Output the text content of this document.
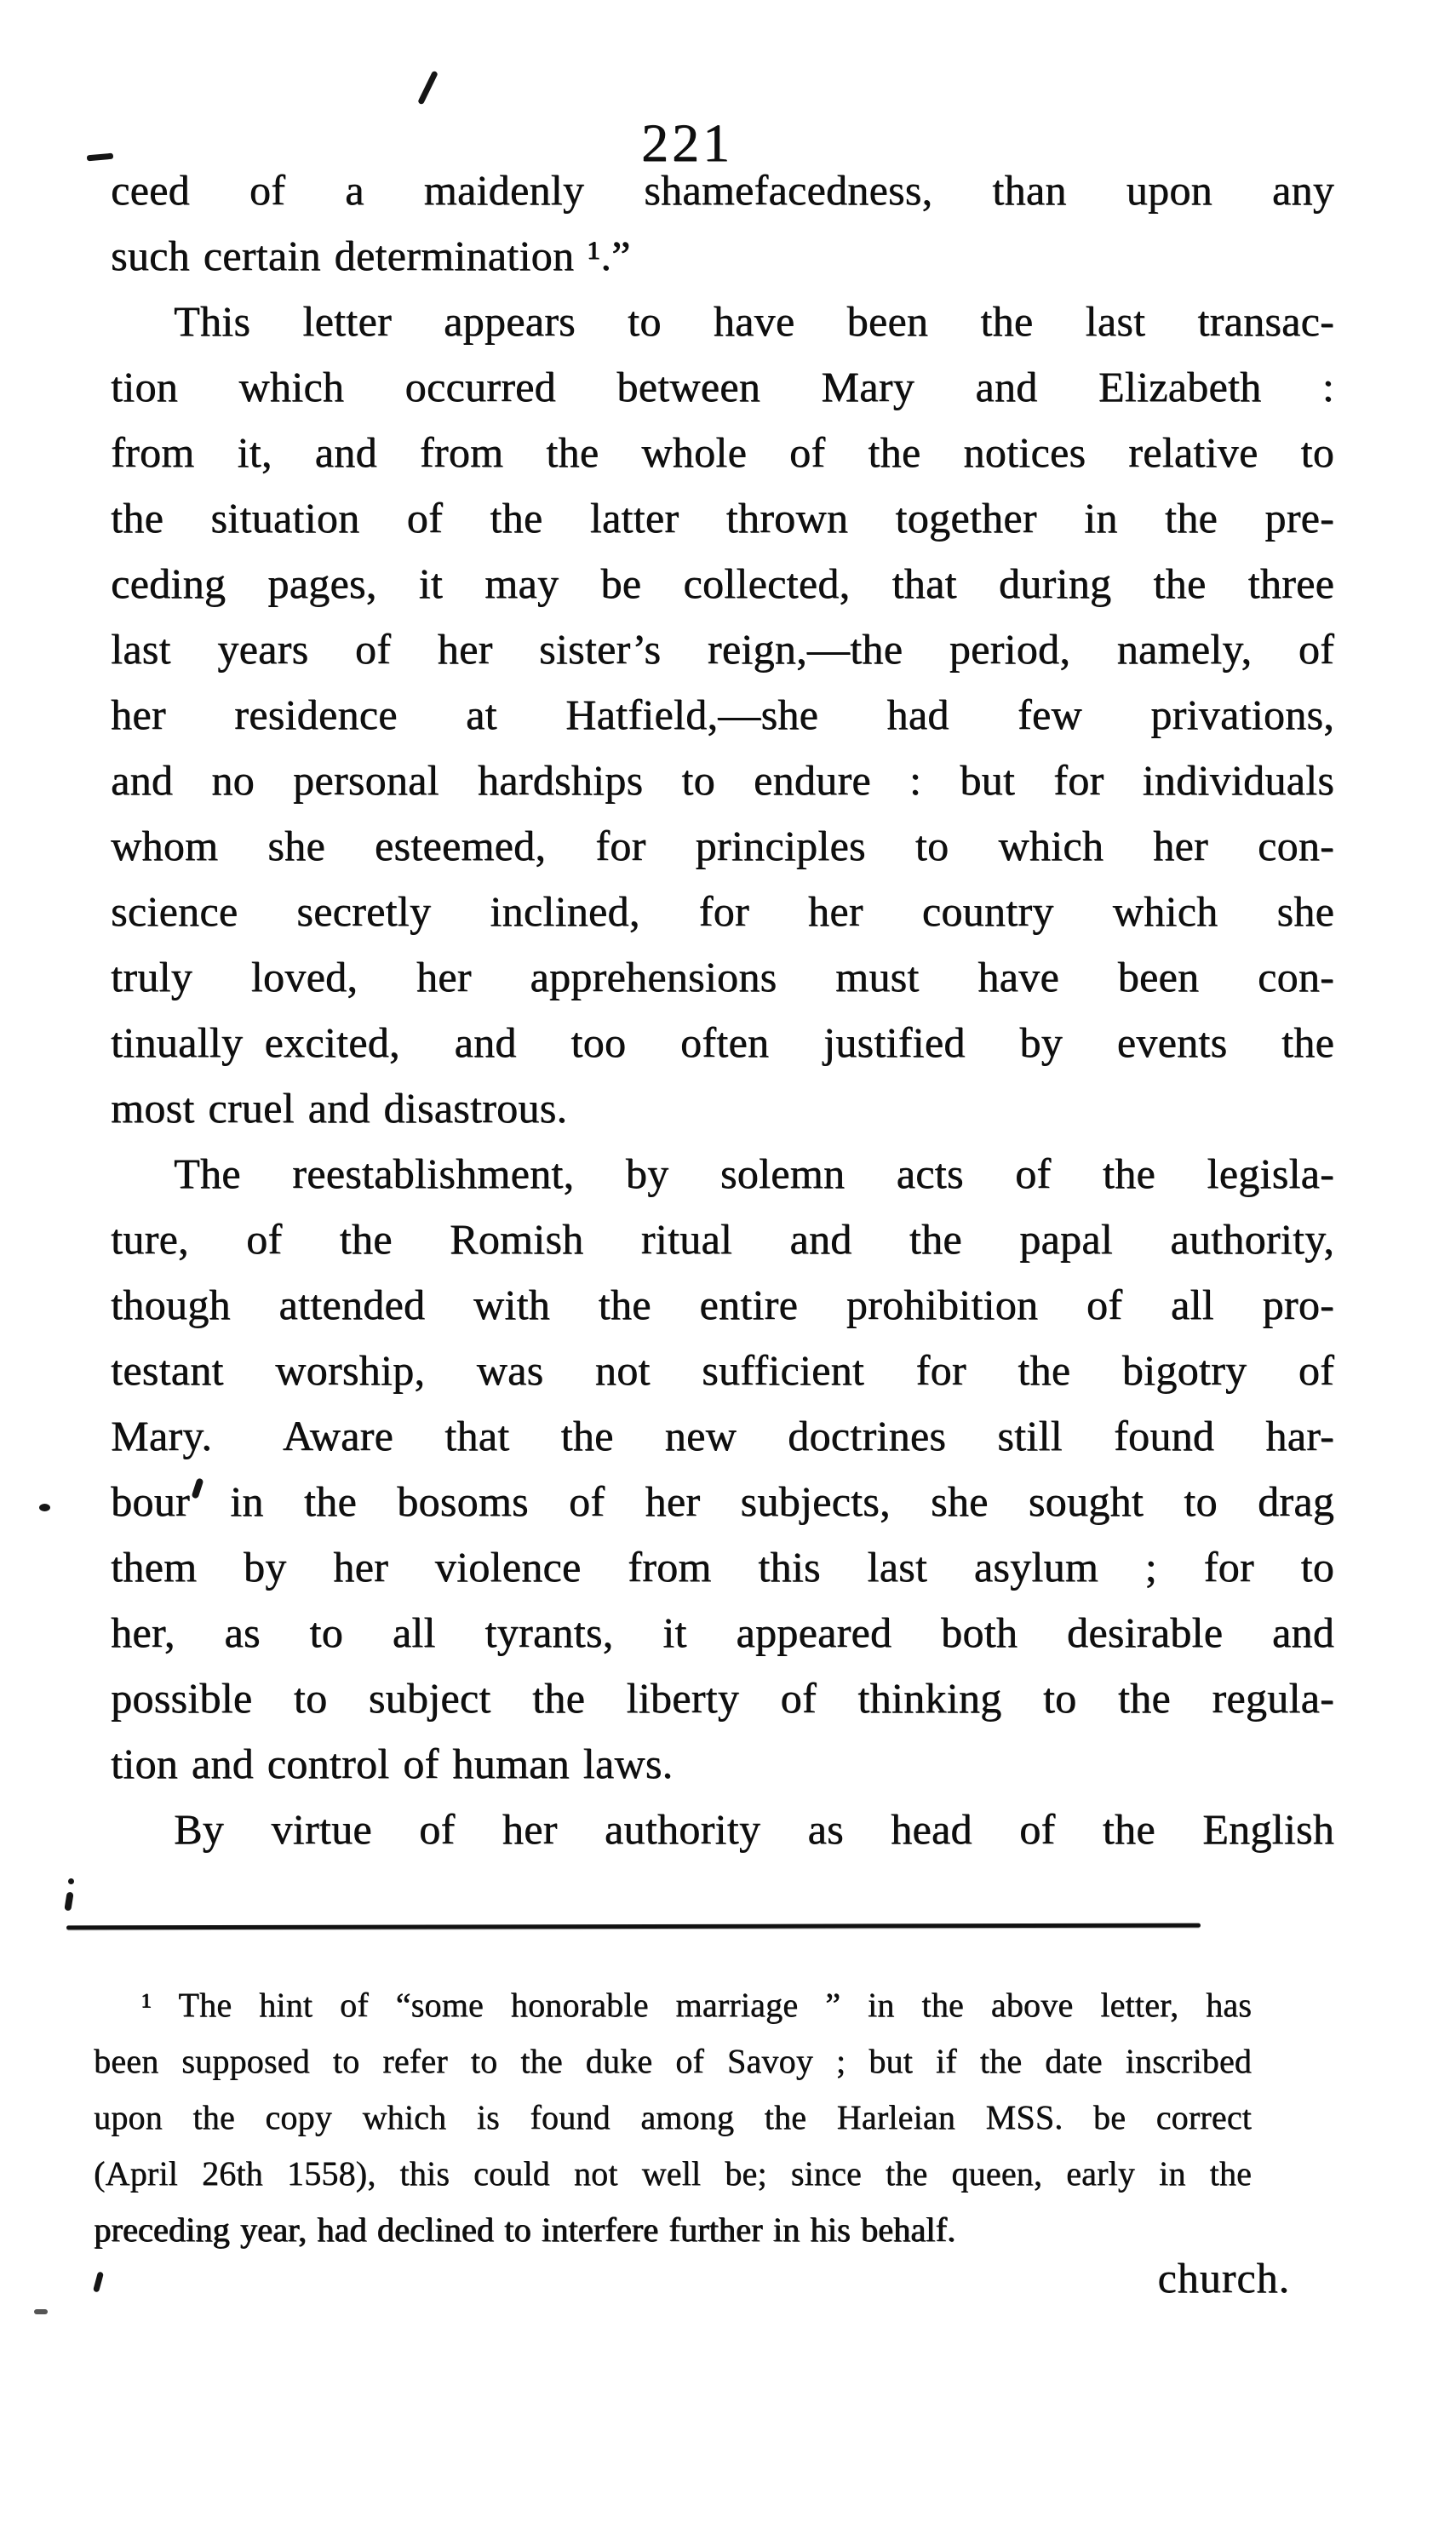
221
ceed of a maidenly shamefacedness, than upon any
such certain determination ¹.”
This letter appears to have been the last transac-
tion which occurred between Mary and Elizabeth :
from it, and from the whole of the notices relative to
the situation of the latter thrown together in the pre-
ceding pages, it may be collected, that during the three
last years of her sister’s reign,—the period, namely, of
her residence at Hatfield,—she had few privations,
and no personal hardships to endure : but for individuals
whom she esteemed, for principles to which her con-
science secretly inclined, for her country which she
truly loved, her apprehensions must have been con-
tinually excited, and too often justified by events the
most cruel and disastrous.
The reestablishment, by solemn acts of the legisla-
ture, of the Romish ritual and the papal authority,
though attended with the entire prohibition of all pro-
testant worship, was not sufficient for the bigotry of
Mary.  Aware that the new doctrines still found har-
bour in the bosoms of her subjects, she sought to drag
them by her violence from this last asylum ; for to
her, as to all tyrants, it appeared both desirable and
possible to subject the liberty of thinking to the regula-
tion and control of human laws.
By virtue of her authority as head of the English
¹ The hint of “some honorable marriage ” in the above letter, has
been supposed to refer to the duke of Savoy ; but if the date inscribed
upon the copy which is found among the Harleian MSS. be correct
(April 26th 1558), this could not well be; since the queen, early in the
preceding year, had declined to interfere further in his behalf.
church.
